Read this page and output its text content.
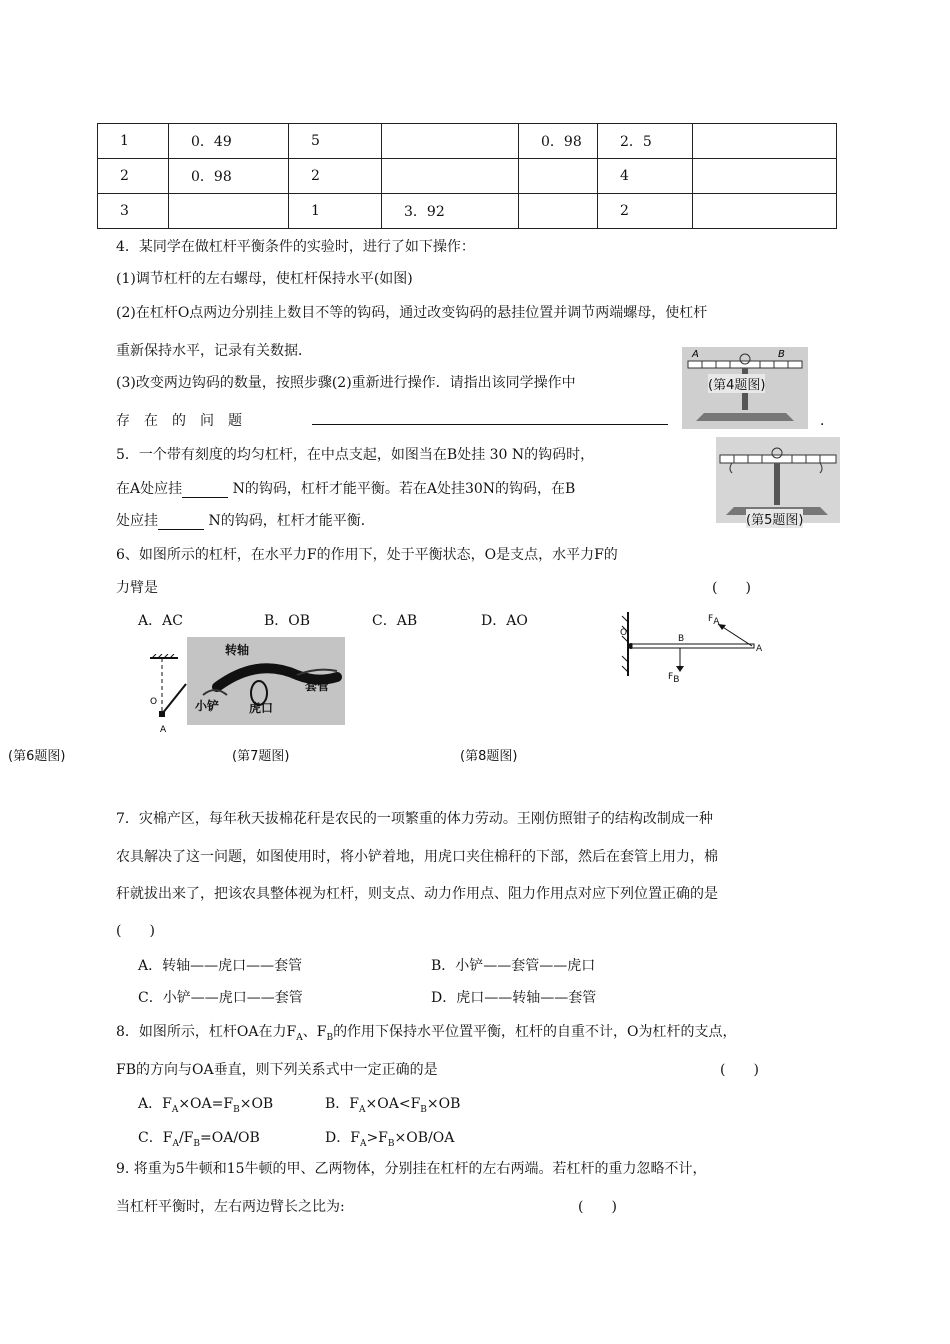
1	0．49	5		0．98	2．5	
2	0．98	2			4	
3		1	3．92		2	
4．某同学在做杠杆平衡条件的实验时，进行了如下操作：
(1)调节杠杆的左右螺母，使杠杆保持水平(如图)
(2)在杠杆O点两边分别挂上数目不等的钩码，通过改变钩码的悬挂位置并调节两端螺母，使杠杆
重新保持水平，记录有关数据．
(3)改变两边钩码的数量，按照步骤(2)重新进行操作．请指出该同学操作中
存　在　的　问　题	．
A	B
(第4题图)
5．一个带有刻度的均匀杠杆，在中点支起，如图当在B处挂 30 N的钩码时，
在A处应挂	N的钩码，杠杆才能平衡。若在A处挂30N的钩码，在B
处应挂	N的钩码，杠杆才能平衡．	(第5题图)
6、如图所示的杠杆，在水平力F的作用下，处于平衡状态，O是支点，水平力F的
力臂是	(　　)
A．AC	B．OB	C．AB	D．AO
O
A
(第6题图)
转轴
套管
小铲 虎口
(第7题图)
O
B
A
$F_A$
$F_B$
(第8题图)
7．灾棉产区，每年秋天拔棉花秆是农民的一项繁重的体力劳动。王刚仿照钳子的结构改制成一种
农具解决了这一问题，如图使用时，将小铲着地，用虎口夹住棉秆的下部，然后在套管上用力，棉
秆就拔出来了，把该农具整体视为杠杆，则支点、动力作用点、阻力作用点对应下列位置正确的是
(　　)
A．转轴——虎口——套管	B．小铲——套管——虎口
C．小铲——虎口——套管	D．虎口——转轴——套管
8．如图所示，杠杆OA在力$F_A$、$F_B$的作用下保持水平位置平衡，杠杆的自重不计，O为杠杆的支点，
FB的方向与OA垂直，则下列关系式中一定正确的是	(　　)
A．$F_A\times OA=F_B\times OB$	B．$F_A\times OA<F_B\times OB$
C．$F_A/F_B=OA/OB$	D．$F_A>F_B\times OB/OA$
9. 将重为5牛顿和15牛顿的甲、乙两物体，分别挂在杠杆的左右两端。若杠杆的重力忽略不计，
当杠杆平衡时，左右两边臂长之比为:	(　　)
